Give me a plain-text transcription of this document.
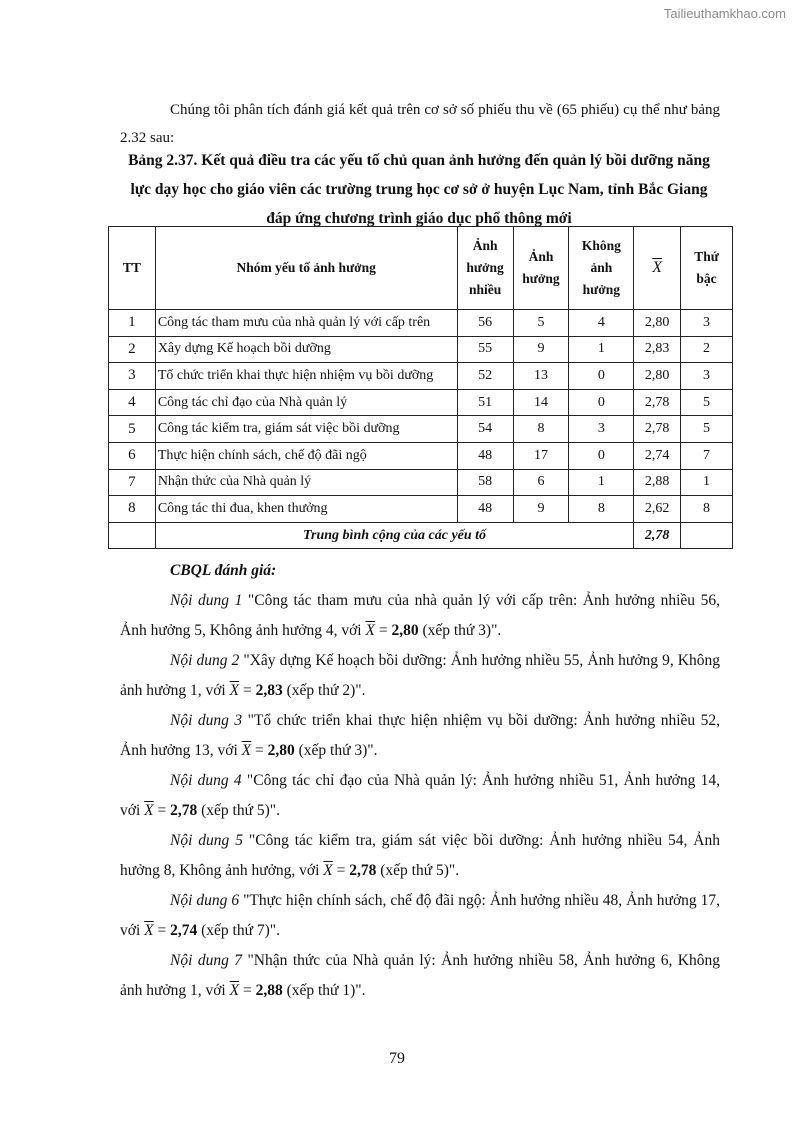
Tailieuthamkhao.com

Chúng tôi phân tích đánh giá kết quả trên cơ sở số phiếu thu về (65 phiếu) cụ thể như bảng 2.32 sau:

Bảng 2.37. Kết quả điều tra các yếu tố chủ quan ảnh hưởng đến quản lý bồi dưỡng năng lực dạy học cho giáo viên các trường trung học cơ sở ở huyện Lục Nam, tỉnh Bắc Giang đáp ứng chương trình giáo dục phổ thông mới

TT	Nhóm yếu tố ảnh hưởng	Ảnh hưởng nhiều	Ảnh hưởng	Không ảnh hưởng	$\overline{X}$	Thứ bậc
1	Công tác tham mưu của nhà quản lý với cấp trên	56	5	4	2,80	3
2	Xây dựng Kế hoạch bồi dưỡng	55	9	1	2,83	2
3	Tổ chức triển khai thực hiện nhiệm vụ bồi dưỡng	52	13	0	2,80	3
4	Công tác chỉ đạo của Nhà quản lý	51	14	0	2,78	5
5	Công tác kiểm tra, giám sát việc bồi dưỡng	54	8	3	2,78	5
6	Thực hiện chính sách, chế độ đãi ngộ	48	17	0	2,74	7
7	Nhận thức của Nhà quản lý	58	6	1	2,88	1
8	Công tác thi đua, khen thưởng	48	9	8	2,62	8
	Trung bình cộng của các yếu tố				2,78	

CBQL đánh giá:

Nội dung 1 "Công tác tham mưu của nhà quản lý với cấp trên: Ảnh hưởng nhiều 56, Ảnh hưởng 5, Không ảnh hưởng 4, với $\overline{X} = 2,80$ (xếp thứ 3)".

Nội dung 2 "Xây dựng Kế hoạch bồi dưỡng: Ảnh hưởng nhiều 55, Ảnh hưởng 9, Không ảnh hưởng 1, với $\overline{X} = 2,83$ (xếp thứ 2)".

Nội dung 3 "Tổ chức triển khai thực hiện nhiệm vụ bồi dưỡng: Ảnh hưởng nhiều 52, Ảnh hưởng 13, với $\overline{X} = 2,80$ (xếp thứ 3)".

Nội dung 4 "Công tác chỉ đạo của Nhà quản lý: Ảnh hưởng nhiều 51, Ảnh hưởng 14, với $\overline{X} = 2,78$ (xếp thứ 5)".

Nội dung 5 "Công tác kiểm tra, giám sát việc bồi dưỡng: Ảnh hưởng nhiều 54, Ảnh hưởng 8, Không ảnh hưởng, với $\overline{X} = 2,78$ (xếp thứ 5)".

Nội dung 6 "Thực hiện chính sách, chế độ đãi ngộ: Ảnh hưởng nhiều 48, Ảnh hưởng 17, với $\overline{X} = 2,74$ (xếp thứ 7)".

Nội dung 7 "Nhận thức của Nhà quản lý: Ảnh hưởng nhiều 58, Ảnh hưởng 6, Không ảnh hưởng 1, với $\overline{X} = 2,88$ (xếp thứ 1)".

79
